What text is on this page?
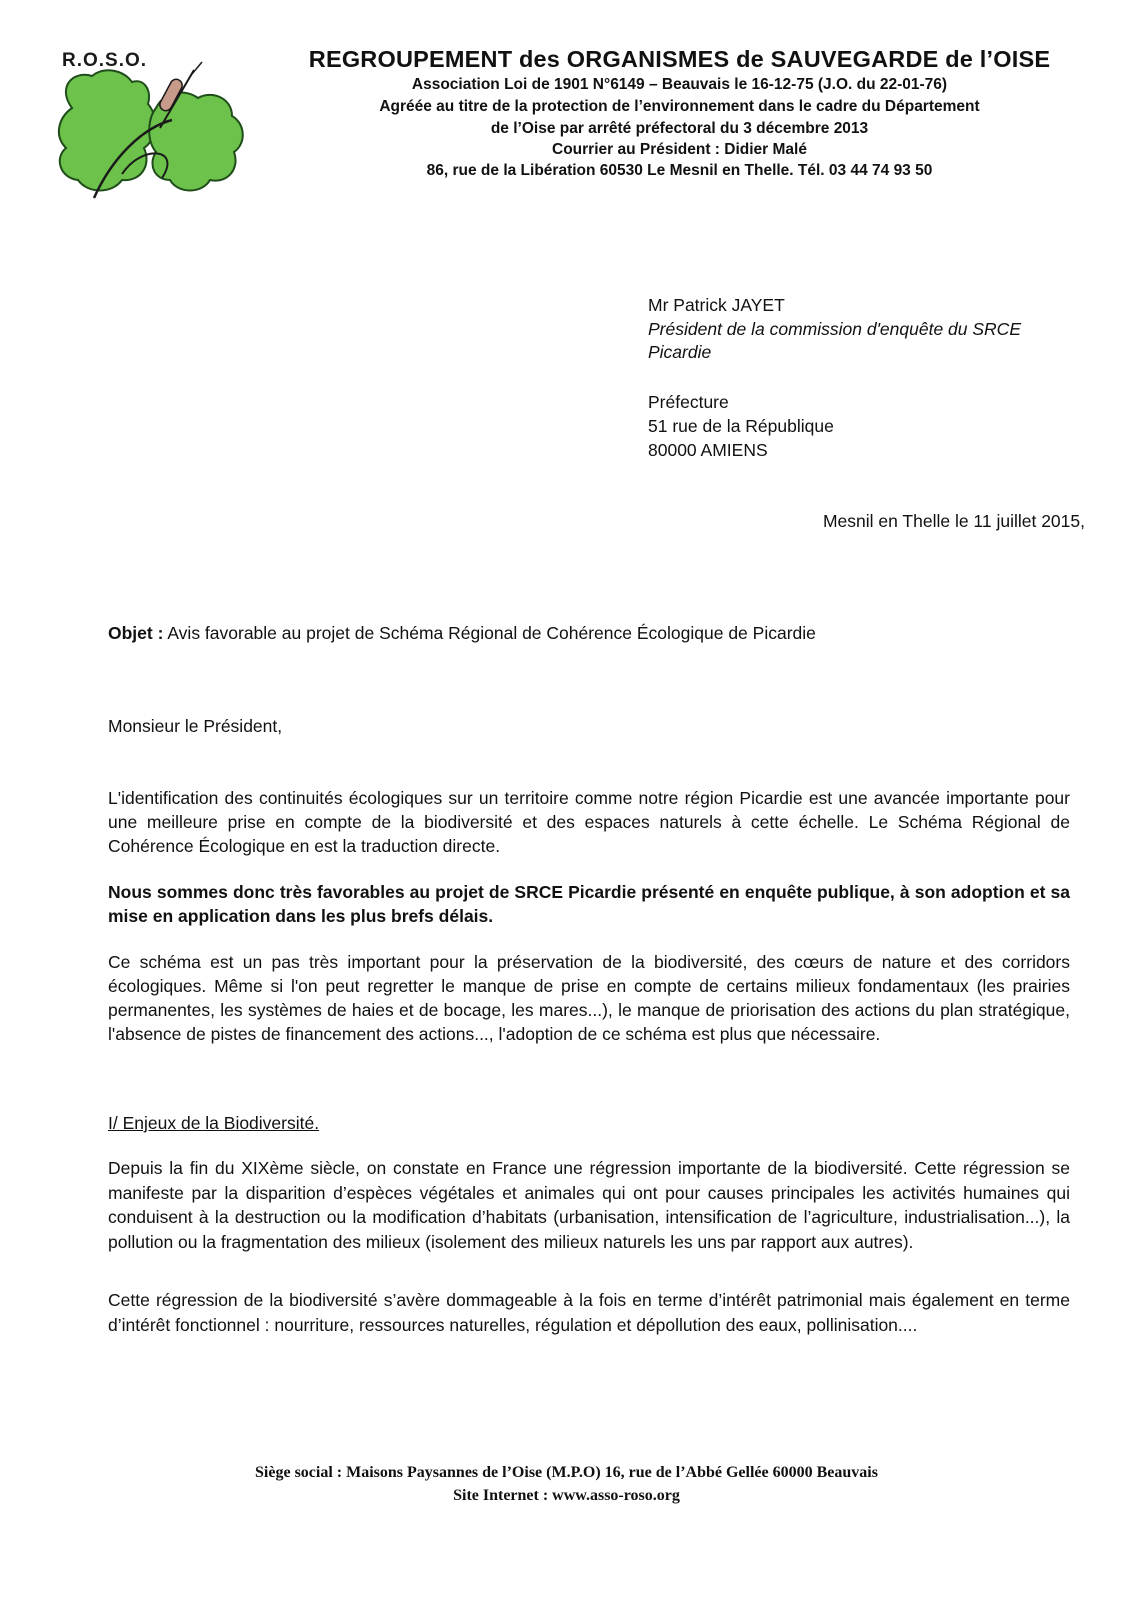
R.O.S.O.	REGROUPEMENT des ORGANISMES de SAUVEGARDE de l’OISE
Association Loi de 1901 N°6149 – Beauvais le 16-12-75 (J.O. du 22-01-76)
Agréée au titre de la protection de l’environnement dans le cadre du Département
de l’Oise par arrêté préfectoral du 3 décembre 2013
Courrier au Président : Didier Malé
86, rue de la Libération 60530 Le Mesnil en Thelle. Tél. 03 44 74 93 50
Mr Patrick JAYET
Président de la commission d'enquête du SRCE
Picardie
Préfecture
51 rue de la République
80000 AMIENS
Mesnil en Thelle le 11 juillet 2015,
Objet : Avis favorable au projet de Schéma Régional de Cohérence Écologique de Picardie
Monsieur le Président,
L'identification des continuités écologiques sur un territoire comme notre région Picardie est une avancée importante pour une meilleure prise en compte de la biodiversité et des espaces naturels à cette échelle. Le Schéma Régional de Cohérence Écologique en est la traduction directe.
Nous sommes donc très favorables au projet de SRCE Picardie présenté en enquête publique, à son adoption et sa mise en application dans les plus brefs délais.
Ce schéma est un pas très important pour la préservation de la biodiversité, des cœurs de nature et des corridors écologiques. Même si l'on peut regretter le manque de prise en compte de certains milieux fondamentaux (les prairies permanentes, les systèmes de haies et de bocage, les mares...), le manque de priorisation des actions du plan stratégique, l'absence de pistes de financement des actions..., l'adoption de ce schéma est plus que nécessaire.
I/ Enjeux de la Biodiversité.
Depuis la fin du XIXème siècle, on constate en France une régression importante de la biodiversité. Cette régression se manifeste par la disparition d’espèces végétales et animales qui ont pour causes principales les activités humaines qui conduisent à la destruction ou la modification d’habitats (urbanisation, intensification de l’agriculture, industrialisation...), la pollution ou la fragmentation des milieux (isolement des milieux naturels les uns par rapport aux autres).
Cette régression de la biodiversité s’avère dommageable à la fois en terme d’intérêt patrimonial mais également en terme d’intérêt fonctionnel : nourriture, ressources naturelles, régulation et dépollution des eaux, pollinisation....
Siège social : Maisons Paysannes de l’Oise (M.P.O) 16, rue de l’Abbé Gellée 60000 Beauvais
Site Internet : www.asso-roso.org
